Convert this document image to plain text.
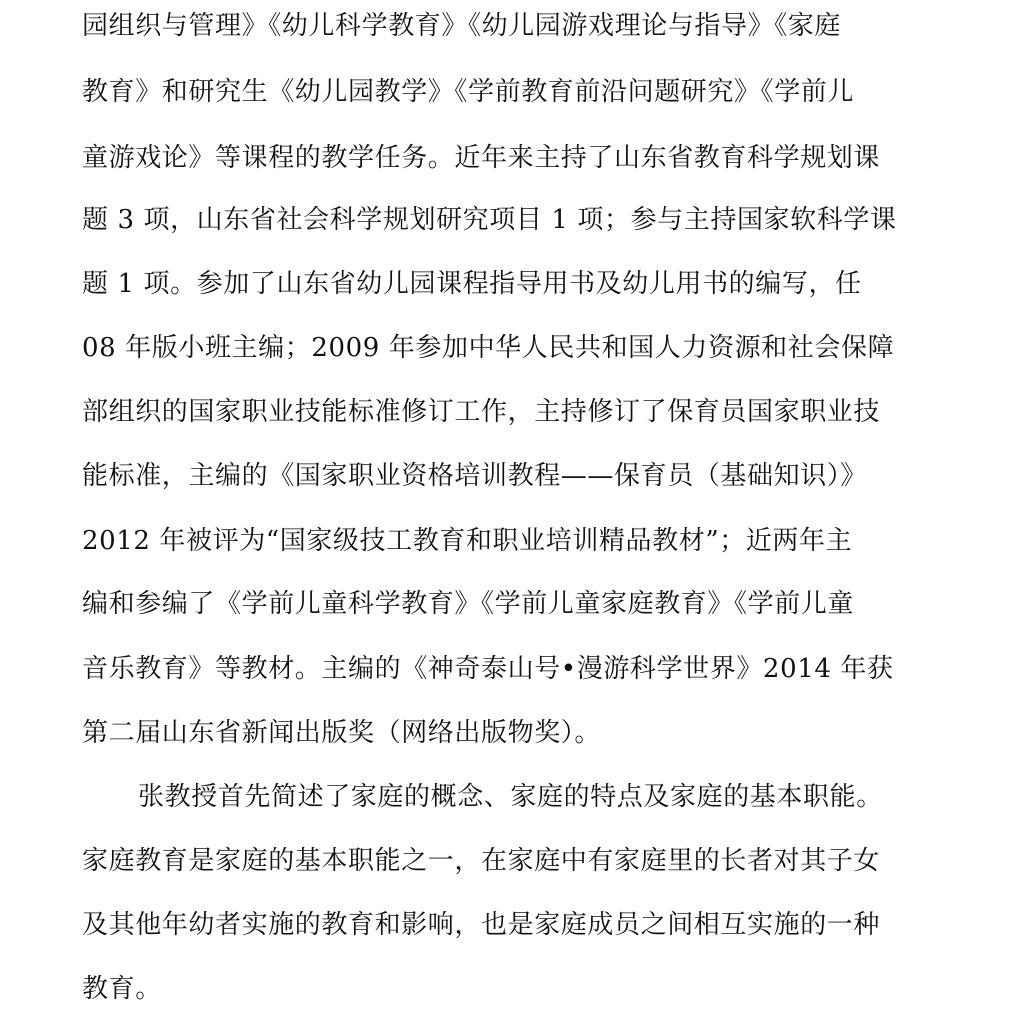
园组织与管理》《幼儿科学教育》《幼儿园游戏理论与指导》《家庭
教育》和研究生《幼儿园教学》《学前教育前沿问题研究》《学前儿
童游戏论》等课程的教学任务。近年来主持了山东省教育科学规划课
题 3 项，山东省社会科学规划研究项目 1 项；参与主持国家软科学课
题 1 项。参加了山东省幼儿园课程指导用书及幼儿用书的编写，任
08 年版小班主编；2009 年参加中华人民共和国人力资源和社会保障
部组织的国家职业技能标准修订工作，主持修订了保育员国家职业技
能标准，主编的《国家职业资格培训教程——保育员（基础知识）》
2012 年被评为“国家级技工教育和职业培训精品教材”；近两年主
编和参编了《学前儿童科学教育》《学前儿童家庭教育》《学前儿童
音乐教育》等教材。主编的《神奇泰山号•漫游科学世界》2014 年获
第二届山东省新闻出版奖（网络出版物奖）。
张教授首先简述了家庭的概念、家庭的特点及家庭的基本职能。
家庭教育是家庭的基本职能之一，在家庭中有家庭里的长者对其子女
及其他年幼者实施的教育和影响，也是家庭成员之间相互实施的一种
教育。
